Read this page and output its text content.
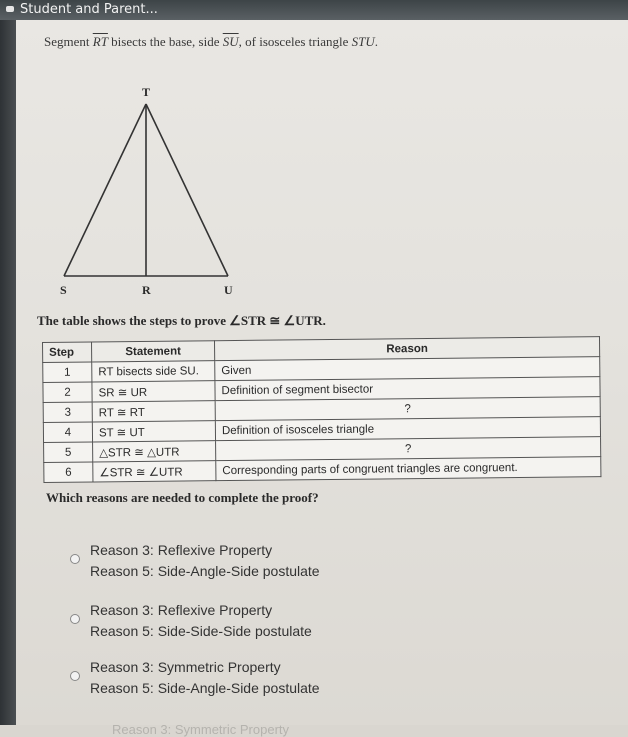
Student and Parent...
Segment $\overline{RT}$ bisects the base, side $\overline{SU}$, of isosceles triangle STU.
T
S	R	U
The table shows the steps to prove ∠STR ≅ ∠UTR.
Step	Statement	Reason
1	RT bisects side SU.	Given
2	SR ≅ UR	Definition of segment bisector
3	RT ≅ RT	?
4	ST ≅ UT	Definition of isosceles triangle
5	△STR ≅ △UTR	?
6	∠STR ≅ ∠UTR	Corresponding parts of congruent triangles are congruent.
Which reasons are needed to complete the proof?
Reason 3: Reflexive Property
Reason 5: Side-Angle-Side postulate
Reason 3: Reflexive Property
Reason 5: Side-Side-Side postulate
Reason 3: Symmetric Property
Reason 5: Side-Angle-Side postulate
Reason 3: Symmetric Property
